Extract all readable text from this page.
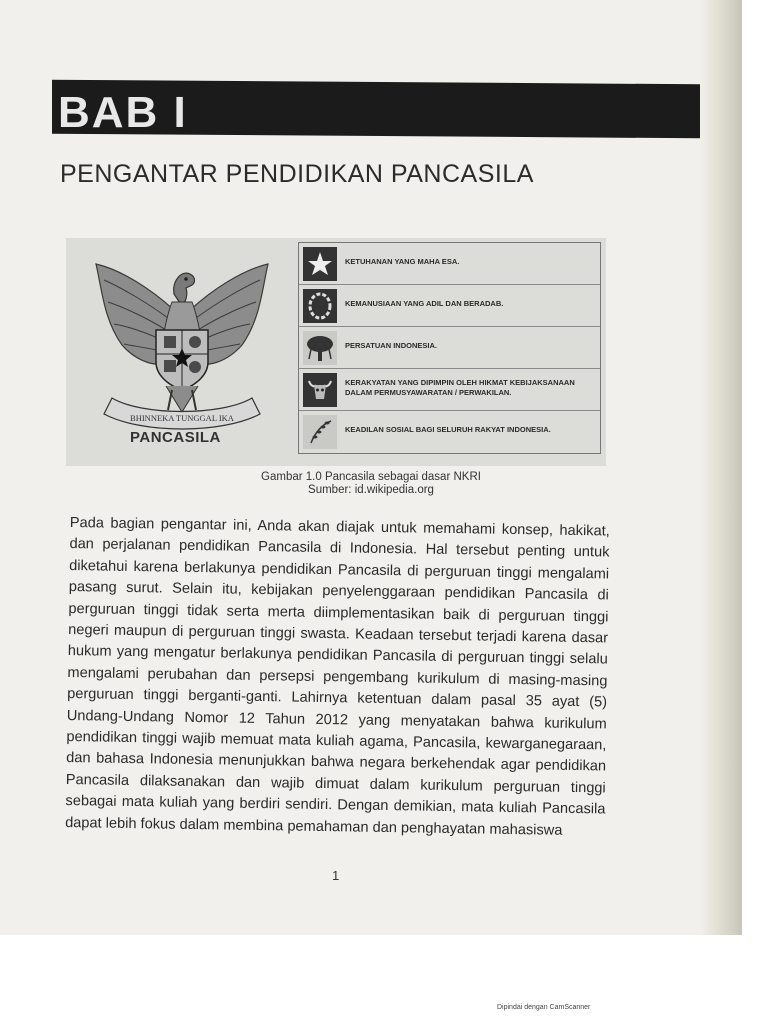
BAB I
PENGANTAR PENDIDIKAN PANCASILA
BHINNEKA TUNGGAL IKA
PANCASILA
KETUHANAN YANG MAHA ESA.
KEMANUSIAAN YANG ADIL DAN BERADAB.
PERSATUAN INDONESIA.
KERAKYATAN YANG DIPIMPIN OLEH HIKMAT KEBIJAKSANAAN DALAM PERMUSYAWARATAN / PERWAKILAN.
KEADILAN SOSIAL BAGI SELURUH RAKYAT INDONESIA.
Gambar 1.0 Pancasila sebagai dasar NKRI
Sumber: id.wikipedia.org
Pada bagian pengantar ini, Anda akan diajak untuk memahami konsep, hakikat, dan perjalanan pendidikan Pancasila di Indonesia. Hal tersebut penting untuk diketahui karena berlakunya pendidikan Pancasila di perguruan tinggi mengalami pasang surut. Selain itu, kebijakan penyelenggaraan pendidikan Pancasila di perguruan tinggi tidak serta merta diimplementasikan baik di perguruan tinggi negeri maupun di perguruan tinggi swasta. Keadaan tersebut terjadi karena dasar hukum yang mengatur berlakunya pendidikan Pancasila di perguruan tinggi selalu mengalami perubahan dan persepsi pengembang kurikulum di masing-masing perguruan tinggi berganti-ganti. Lahirnya ketentuan dalam pasal 35 ayat (5) Undang-Undang Nomor 12 Tahun 2012 yang menyatakan bahwa kurikulum pendidikan tinggi wajib memuat mata kuliah agama, Pancasila, kewarganegaraan, dan bahasa Indonesia menunjukkan bahwa negara berkehendak agar pendidikan Pancasila dilaksanakan dan wajib dimuat dalam kurikulum perguruan tinggi sebagai mata kuliah yang berdiri sendiri. Dengan demikian, mata kuliah Pancasila dapat lebih fokus dalam membina pemahaman dan penghayatan mahasiswa
1
Dipindai dengan CamScanner
